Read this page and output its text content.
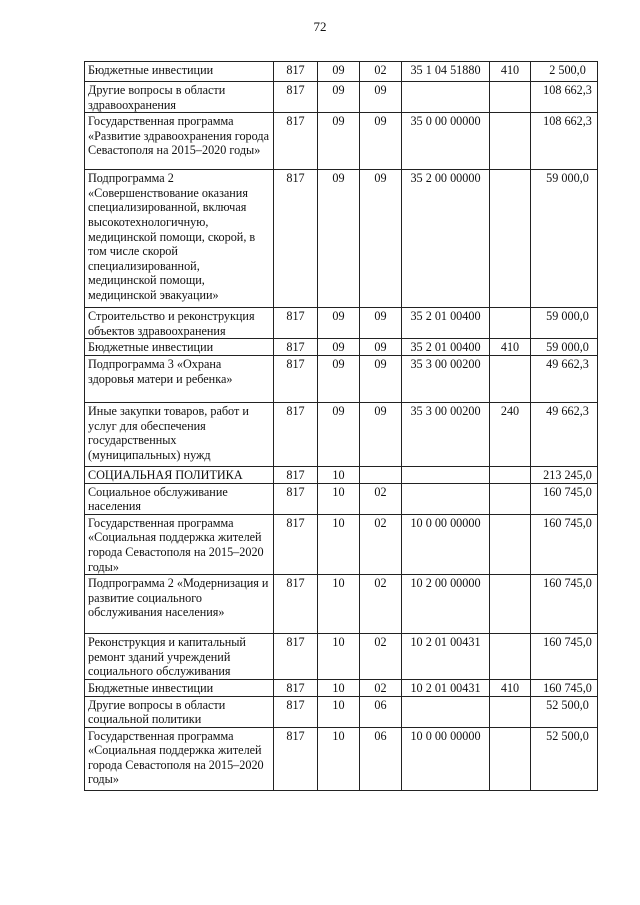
72
Бюджетные инвестиции	817	09	02	35 1 04 51880	410	2 500,0
Другие вопросы в области здравоохранения	817	09	09			108 662,3
Государственная программа «Развитие здравоохранения города Севастополя на 2015–2020 годы»	817	09	09	35 0 00 00000		108 662,3
Подпрограмма 2 «Совершенствование оказания специализированной, включая высокотехнологичную, медицинской помощи, скорой, в том числе скорой специализированной, медицинской помощи, медицинской эвакуации»	817	09	09	35 2 00 00000		59 000,0
Строительство и реконструкция объектов здравоохранения	817	09	09	35 2 01 00400		59 000,0
Бюджетные инвестиции	817	09	09	35 2 01 00400	410	59 000,0
Подпрограмма 3 «Охрана здоровья матери и ребенка»	817	09	09	35 3 00 00200		49 662,3
Иные закупки товаров, работ и услуг для обеспечения государственных (муниципальных) нужд	817	09	09	35 3 00 00200	240	49 662,3
СОЦИАЛЬНАЯ ПОЛИТИКА	817	10				213 245,0
Социальное обслуживание населения	817	10	02			160 745,0
Государственная программа «Социальная поддержка жителей города Севастополя на 2015–2020 годы»	817	10	02	10 0 00 00000		160 745,0
Подпрограмма 2 «Модернизация и развитие социального обслуживания населения»	817	10	02	10 2 00 00000		160 745,0
Реконструкция и капитальный ремонт зданий учреждений социального обслуживания	817	10	02	10 2 01 00431		160 745,0
Бюджетные инвестиции	817	10	02	10 2 01 00431	410	160 745,0
Другие вопросы в области социальной политики	817	10	06			52 500,0
Государственная программа «Социальная поддержка жителей города Севастополя на 2015–2020 годы»	817	10	06	10 0 00 00000		52 500,0
